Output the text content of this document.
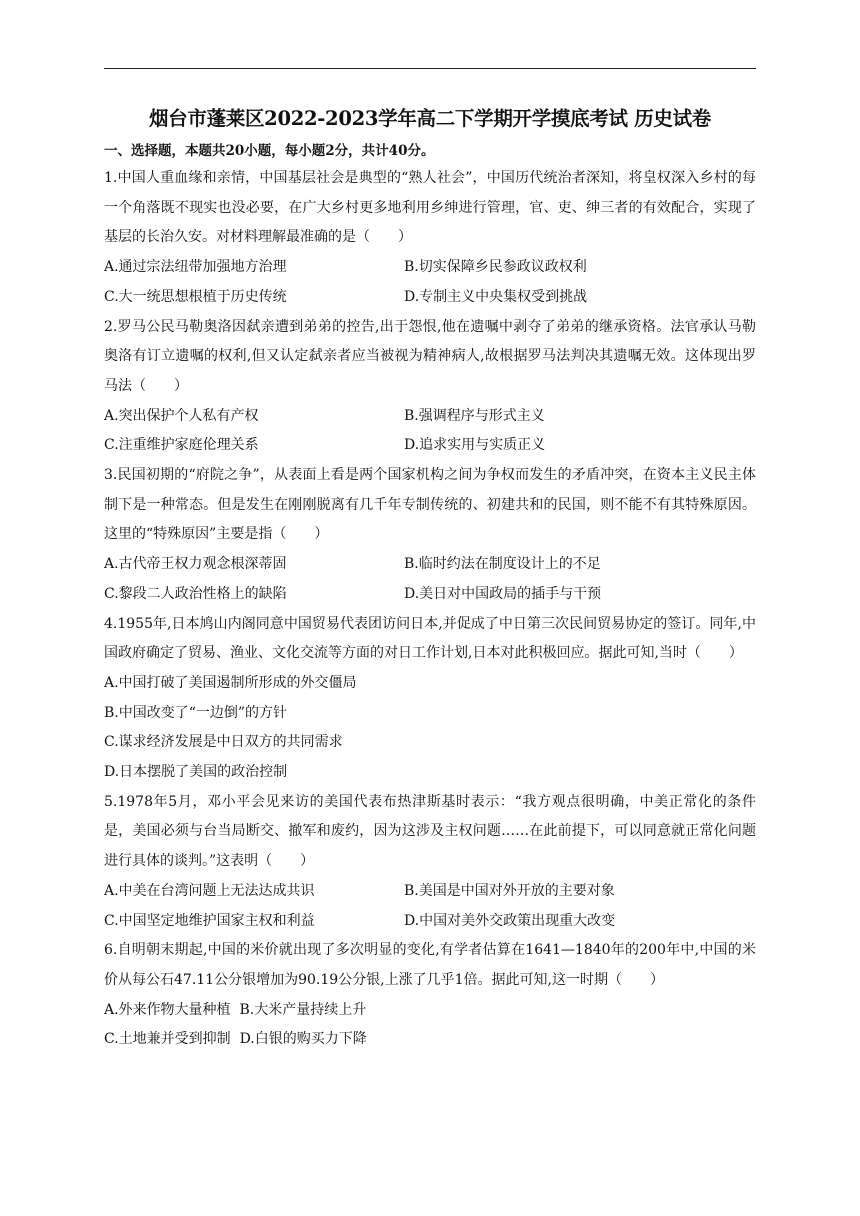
烟台市蓬莱区2022-2023学年高二下学期开学摸底考试 历史试卷

一、选择题，本题共20小题，每小题2分，共计40分。

1.中国人重血缘和亲情，中国基层社会是典型的“熟人社会”，中国历代统治者深知，将皇权深入乡村的每一个角落既不现实也没必要，在广大乡村更多地利用乡绅进行管理，官、吏、绅三者的有效配合，实现了基层的长治久安。对材料理解最准确的是（　　）

A.通过宗法纽带加强地方治理	B.切实保障乡民参政议政权利
C.大一统思想根植于历史传统	D.专制主义中央集权受到挑战

2.罗马公民马勒奥洛因弑亲遭到弟弟的控告,出于怨恨,他在遗嘱中剥夺了弟弟的继承资格。法官承认马勒奥洛有订立遗嘱的权利,但又认定弑亲者应当被视为精神病人,故根据罗马法判决其遗嘱无效。这体现出罗马法（　　）

A.突出保护个人私有产权	B.强调程序与形式主义
C.注重维护家庭伦理关系	D.追求实用与实质正义

3.民国初期的“府院之争”，从表面上看是两个国家机构之间为争权而发生的矛盾冲突，在资本主义民主体制下是一种常态。但是发生在刚刚脱离有几千年专制传统的、初建共和的民国，则不能不有其特殊原因。这里的“特殊原因”主要是指（　　）

A.古代帝王权力观念根深蒂固	B.临时约法在制度设计上的不足
C.黎段二人政治性格上的缺陷	D.美日对中国政局的插手与干预

4.1955年,日本鸠山内阁同意中国贸易代表团访问日本,并促成了中日第三次民间贸易协定的签订。同年,中国政府确定了贸易、渔业、文化交流等方面的对日工作计划,日本对此积极回应。据此可知,当时（　　）

A.中国打破了美国遏制所形成的外交僵局
B.中国改变了“一边倒”的方针
C.谋求经济发展是中日双方的共同需求
D.日本摆脱了美国的政治控制

5.1978年5月，邓小平会见来访的美国代表布热津斯基时表示：“我方观点很明确，中美正常化的条件是，美国必须与台当局断交、撤军和废约，因为这涉及主权问题……在此前提下，可以同意就正常化问题进行具体的谈判。”这表明（　　）

A.中美在台湾问题上无法达成共识	B.美国是中国对外开放的主要对象
C.中国坚定地维护国家主权和利益	D.中国对美外交政策出现重大改变

6.自明朝末期起,中国的米价就出现了多次明显的变化,有学者估算在1641—1840年的200年中,中国的米价从每公石47.11公分银增加为90.19公分银,上涨了几乎1倍。据此可知,这一时期（　　）

A.外来作物大量种植 B.大米产量持续上升
C.土地兼并受到抑制 D.白银的购买力下降
